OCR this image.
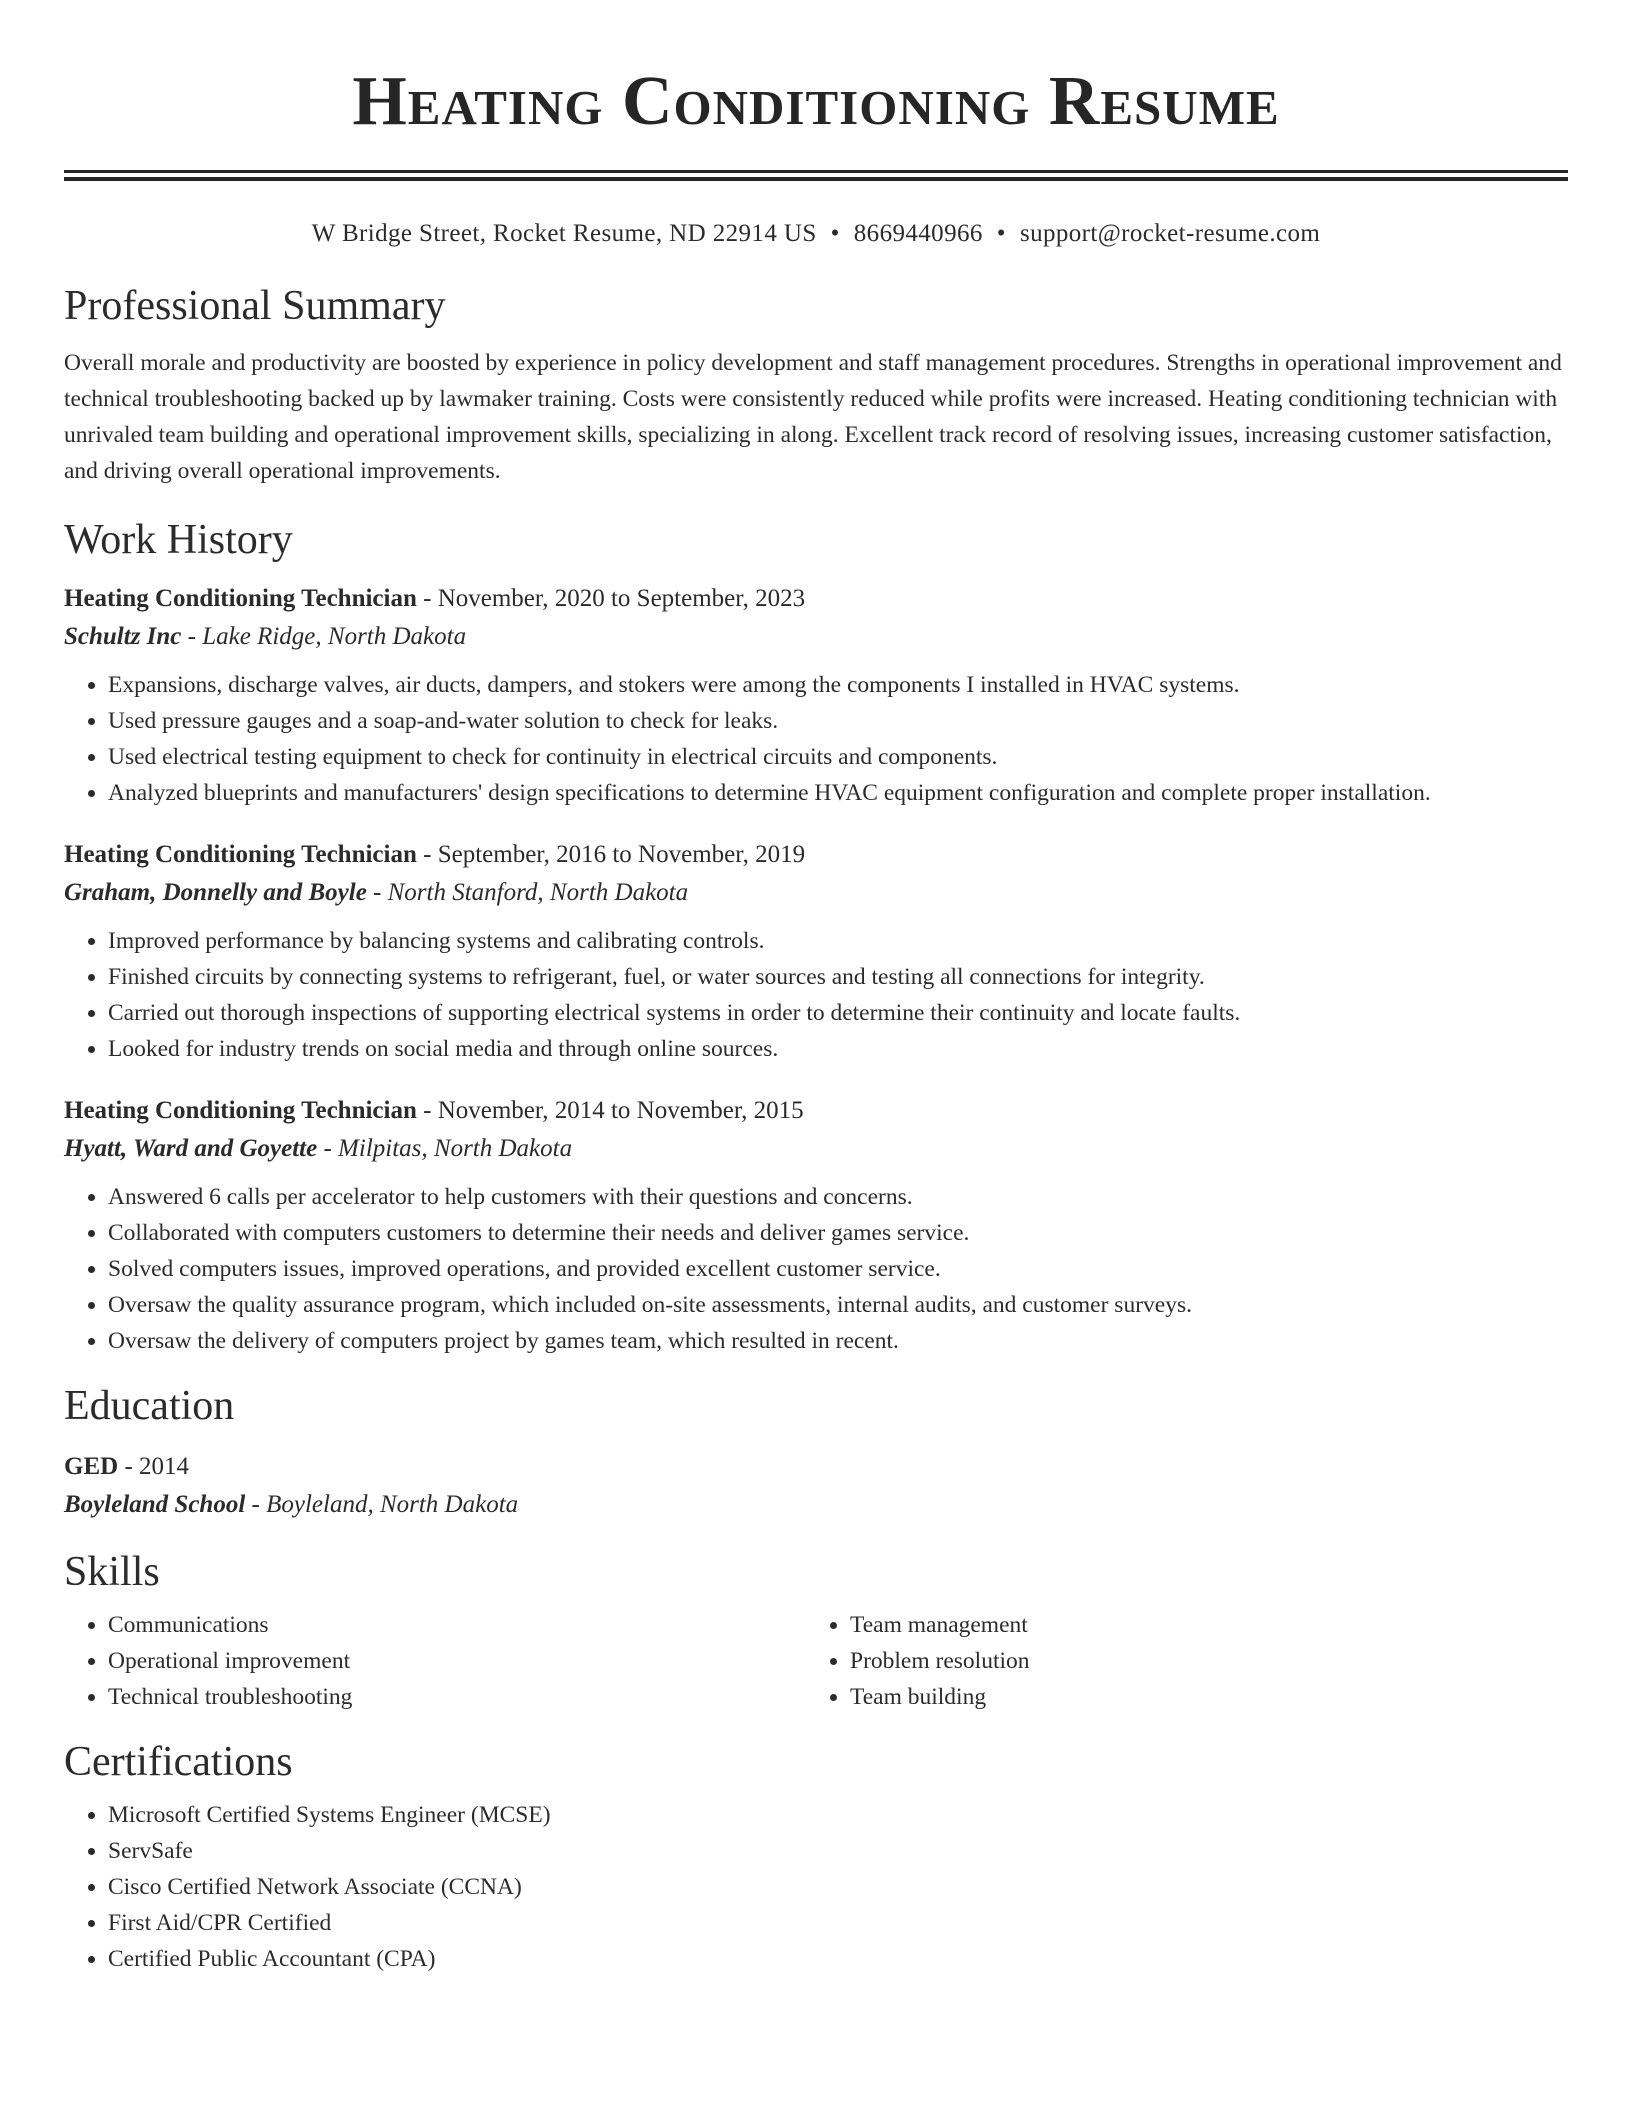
Heating Conditioning Resume
W Bridge Street, Rocket Resume, ND 22914 US • 8669440966 • support@rocket-resume.com
Professional Summary

Overall morale and productivity are boosted by experience in policy development and staff management procedures. Strengths in operational improvement and technical troubleshooting backed up by lawmaker training. Costs were consistently reduced while profits were increased. Heating conditioning technician with unrivaled team building and operational improvement skills, specializing in along. Excellent track record of resolving issues, increasing customer satisfaction, and driving overall operational improvements.

Work History
Heating Conditioning Technician - November, 2020 to September, 2023
Schultz Inc - Lake Ridge, North Dakota
• Expansions, discharge valves, air ducts, dampers, and stokers were among the components I installed in HVAC systems.
• Used pressure gauges and a soap-and-water solution to check for leaks.
• Used electrical testing equipment to check for continuity in electrical circuits and components.
• Analyzed blueprints and manufacturers' design specifications to determine HVAC equipment configuration and complete proper installation.
Heating Conditioning Technician - September, 2016 to November, 2019
Graham, Donnelly and Boyle - North Stanford, North Dakota
• Improved performance by balancing systems and calibrating controls.
• Finished circuits by connecting systems to refrigerant, fuel, or water sources and testing all connections for integrity.
• Carried out thorough inspections of supporting electrical systems in order to determine their continuity and locate faults.
• Looked for industry trends on social media and through online sources.
Heating Conditioning Technician - November, 2014 to November, 2015
Hyatt, Ward and Goyette - Milpitas, North Dakota
• Answered 6 calls per accelerator to help customers with their questions and concerns.
• Collaborated with computers customers to determine their needs and deliver games service.
• Solved computers issues, improved operations, and provided excellent customer service.
• Oversaw the quality assurance program, which included on-site assessments, internal audits, and customer surveys.
• Oversaw the delivery of computers project by games team, which resulted in recent.
Education
GED - 2014
Boyleland School - Boyleland, North Dakota
Skills
• Communications
• Operational improvement
• Technical troubleshooting
• Team management
• Problem resolution
• Team building
Certifications
• Microsoft Certified Systems Engineer (MCSE)
• ServSafe
• Cisco Certified Network Associate (CCNA)
• First Aid/CPR Certified
• Certified Public Accountant (CPA)
